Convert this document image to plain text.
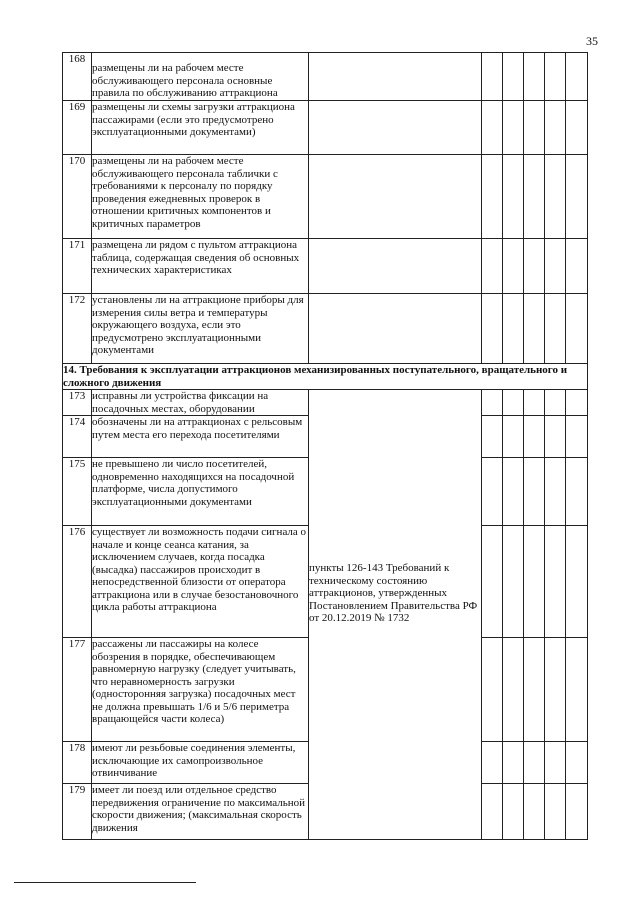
35
168	размещены ли на рабочем месте обслуживающего персонала основные правила по обслуживанию аттракциона						

169	размещены ли схемы загрузки аттракциона пассажирами (если это предусмотрено эксплуатационными документами)						

170	размещены ли на рабочем месте обслуживающего персонала таблички с требованиями к персоналу по порядку проведения ежедневных проверок в отношении критичных компонентов и критичных параметров						

171	размещена ли рядом с пультом аттракциона таблица, содержащая сведения об основных технических характеристиках						

172	установлены ли на аттракционе приборы для измерения силы ветра и температуры окружающего воздуха, если это предусмотрено эксплуатационными документами						

14. Требования к эксплуатации аттракционов механизированных поступательного, вращательного и сложного движения							
173	исправны ли устройства фиксации на посадочных местах, оборудовании	пункты 126-143 Требований к техническому состоянию аттракционов, утвержденных Постановлением Правительства РФ от 20.12.2019 № 1732					

174	обозначены ли на аттракционах с рельсовым путем места его перехода посетителями						

175	не превышено ли число посетителей, одновременно находящихся на посадочной платформе, числа допустимого эксплуатационными документами						

176	существует ли возможность подачи сигнала о начале и конце сеанса катания, за исключением случаев, когда посадка (высадка) пассажиров происходит в непосредственной близости от оператора аттракциона или в случае безостановочного цикла работы аттракциона						

177	рассажены ли пассажиры на колесе обозрения в порядке, обеспечивающем равномерную нагрузку (следует учитывать, что неравномерность загрузки (односторонняя загрузка) посадочных мест не должна превышать 1/6 и 5/6 периметра вращающейся части колеса)						

178	имеют ли резьбовые соединения элементы, исключающие их самопроизвольное отвинчивание						

179	имеет ли поезд или отдельное средство передвижения ограничение по максимальной скорости движения; (максимальная скорость движения						
